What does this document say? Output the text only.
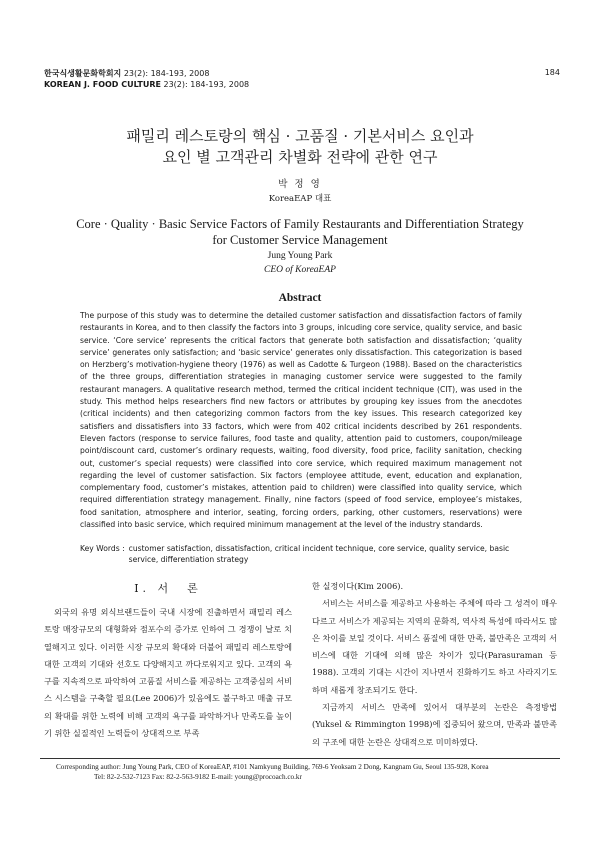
한국식생활문화학회지 23(2): 184-193, 2008
KOREAN J. FOOD CULTURE 23(2): 184-193, 2008
184
패밀리 레스토랑의 핵심 · 고품질 · 기본서비스 요인과
요인 별 고객관리 차별화 전략에 관한 연구
박 정 영
KoreaEAP 대표
Core · Quality · Basic Service Factors of Family Restaurants and Differentiation Strategy
for Customer Service Management
Jung Young Park
CEO of KoreaEAP
Abstract
The purpose of this study was to determine the detailed customer satisfaction and dissatisfaction factors of family restaurants in Korea, and to then classify the factors into 3 groups, inlcuding core service, quality service, and basic service. ‘Core service’ represents the critical factors that generate both satisfaction and dissatisfaction; ‘quality service’ generates only satisfaction; and ‘basic service’ generates only dissatisfaction. This categorization is based on Herzberg’s motivation-hygiene theory (1976) as well as Cadotte & Turgeon (1988). Based on the characteristics of the three groups, differentiation strategies in managing customer service were suggested to the family restaurant managers. A qualitative research method, termed the critical incident technique (CIT), was used in the study. This method helps researchers find new factors or attributes by grouping key issues from the anecdotes (critical incidents) and then categorizing common factors from the key issues. This research categorized key satisfiers and dissatisfiers into 33 factors, which were from 402 critical incidents described by 261 respondents. Eleven factors (response to service failures, food taste and quality, attention paid to customers, coupon/mileage point/discount card, customer’s ordinary requests, waiting, food diversity, food price, facility sanitation, checking out, customer’s special requests) were classified into core service, which required maximum management not regarding the level of customer satisfaction. Six factors (employee attitude, event, education and explanation, complementary food, customer’s mistakes, attention paid to children) were classified into quality service, which required differentiation strategy management. Finally, nine factors (speed of food service, employee’s mistakes, food sanitation, atmosphere and interior, seating, forcing orders, parking, other customers, reservations) were classified into basic service, which required minimum management at the level of the industry standards.
Key Words : customer satisfaction, dissatisfaction, critical incident technique, core service, quality service, basic service, differentiation strategy
Ⅰ. 서　론

외국의 유명 외식브랜드들이 국내 시장에 진출하면서 패밀리 레스토랑 매장규모의 대형화와 점포수의 증가로 인하여 그 경쟁이 날로 치열해지고 있다. 이러한 시장 규모의 확대와 더불어 패밀리 레스토랑에 대한 고객의 기대와 선호도 다양해지고 까다로워지고 있다. 고객의 욕구를 지속적으로 파악하여 고품질 서비스를 제공하는 고객중심의 서비스 시스템을 구축할 필요(Lee 2006)가 있음에도 불구하고 매출 규모의 확대를 위한 노력에 비해 고객의 욕구를 파악하거나 만족도를 높이기 위한 실질적인 노력들이 상대적으로 부족

한 실정이다(Kim 2006).

서비스는 서비스를 제공하고 사용하는 주체에 따라 그 성격이 매우 다르고 서비스가 제공되는 지역의 문화적, 역사적 특성에 따라서도 많은 차이를 보일 것이다. 서비스 품질에 대한 만족, 불만족은 고객의 서비스에 대한 기대에 의해 많은 차이가 있다(Parasuraman 등 1988). 고객의 기대는 시간이 지나면서 진화하기도 하고 사라지기도 하며 새롭게 창조되기도 한다.

지금까지 서비스 만족에 있어서 대부분의 논란은 측정방법(Yuksel & Rimmington 1998)에 집중되어 왔으며, 만족과 불만족의 구조에 대한 논란은 상대적으로 미미하였다.

Corresponding author: Jung Young Park, CEO of KoreaEAP, #101 Namkyung Building, 769-6 Yeoksam 2 Dong, Kangnam Gu, Seoul 135-928, Korea
Tel: 82-2-532-7123 Fax: 82-2-563-9182 E-mail: young@procoach.co.kr
